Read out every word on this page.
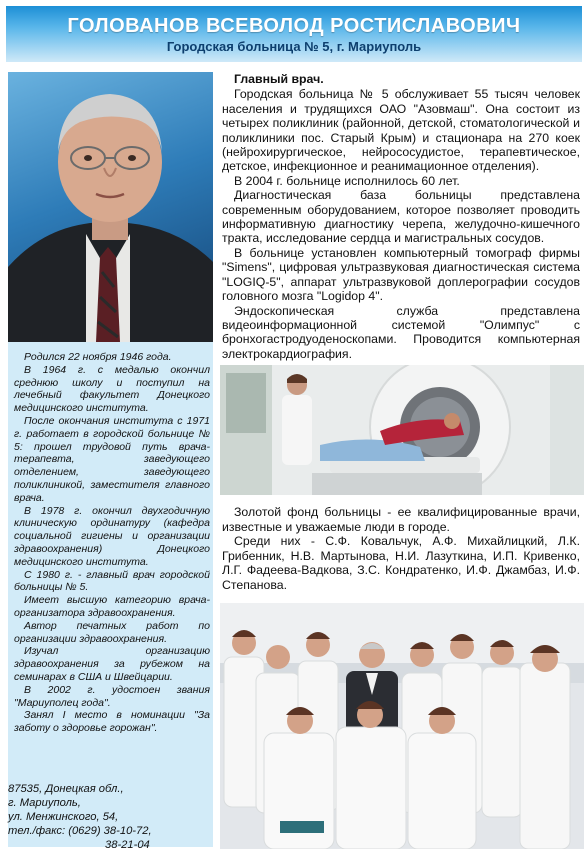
ГОЛОВАНОВ ВСЕВОЛОД РОСТИСЛАВОВИЧ
Городская больница № 5, г. Мариуполь

Родился 22 ноября 1946 года.

В 1964 г. с медалью окончил среднюю школу и поступил на лечебный факультет Донецкого медицинского института.

После окончания института с 1971 г. работает в городской больнице № 5: прошел трудовой путь врача-терапевта, заведующего отделением, заведующего поликлиникой, заместителя главного врача.

В 1978 г. окончил двухгодичную клиническую ординатуру (кафедра социальной гигиены и организации здравоохранения) Донецкого медицинского института.

С 1980 г. - главный врач городской больницы № 5.

Имеет высшую категорию врача-организатора здравоохранения.

Автор печатных работ по организации здравоохранения.

Изучал организацию здравоохранения за рубежом на семинарах в США и Швейцарии.

В 2002 г. удостоен звания "Мариуполец года".

Занял I место в номинации "За заботу о здоровье горожан".

87535, Донецкая обл.,
г. Мариуполь,
ул. Менжинского, 54,
тел./факс: (0629) 38-10-72,
38-21-04
Главный врач.

Городская больница № 5 обслуживает 55 тысяч человек населения и трудящихся ОАО "Азовмаш". Она состоит из четырех поликлиник (районной, детской, стоматологической и поликлиники пос. Старый Крым) и стационара на 270 коек (нейрохирургическое, нейрососудистое, терапевтическое, детское, инфекционное и реанимационное отделения).

В 2004 г. больнице исполнилось 60 лет.

Диагностическая база больницы представлена современным оборудованием, которое позволяет проводить информативную диагностику черепа, желудочно-кишечного тракта, исследование сердца и магистральных сосудов.

В больнице установлен компьютерный томограф фирмы "Simens", цифровая ультразвуковая диагностическая система "LOGIQ-5", аппарат ультразвуковой доплерографии сосудов головного мозга "Logidop 4".

Эндоскопическая служба представлена видеоинформационной системой "Олимпус" с бронхогастродуоденоскопами. Проводится компьютерная электрокардиография.

Золотой фонд больницы - ее квалифицированные врачи, известные и уважаемые люди в городе.

Среди них - С.Ф. Ковальчук, А.Ф. Михайлицкий, Л.К. Грибенник, Н.В. Мартынова, Н.И. Лазуткина, И.П. Кривенко, Л.Г. Фадеева-Вадкова, З.С. Кондратенко, И.Ф. Джамбаз, И.Ф. Степанова.
